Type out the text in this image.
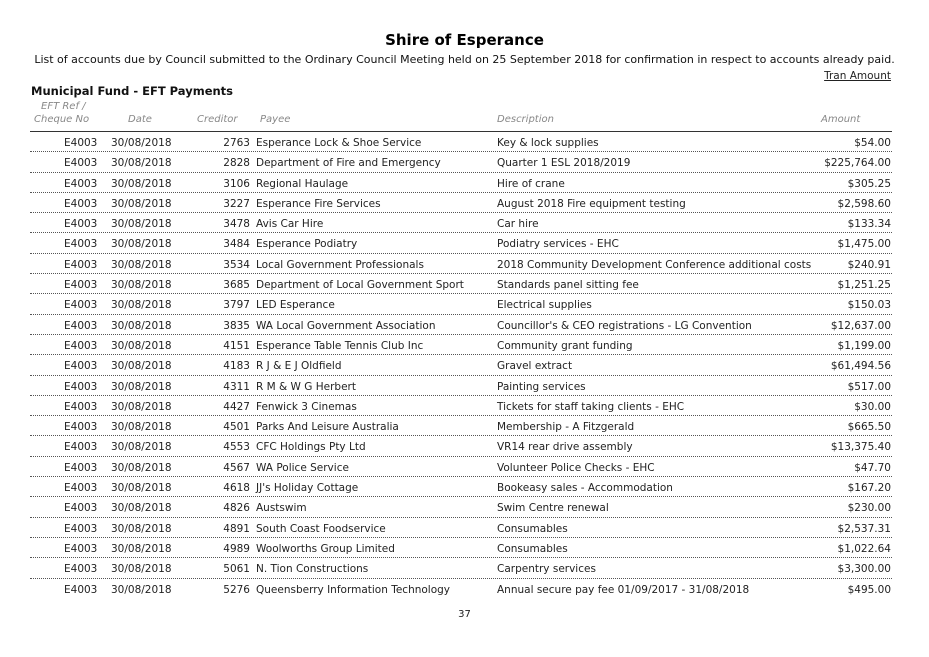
Shire of Esperance
List of accounts due by Council submitted to the Ordinary Council Meeting held on 25 September 2018 for confirmation in respect to accounts already paid.
Tran Amount
Municipal Fund - EFT Payments
EFT Ref /
Cheque No	Date	Creditor Payee	Description	Amount
E4003 30/08/2018	2763 Esperance Lock & Shoe Service	Key & lock supplies	$54.00
E4003 30/08/2018	2828 Department of Fire and Emergency	Quarter 1 ESL 2018/2019	$225,764.00
E4003 30/08/2018	3106 Regional Haulage	Hire of crane	$305.25
E4003 30/08/2018	3227 Esperance Fire Services	August 2018 Fire equipment testing	$2,598.60
E4003 30/08/2018	3478 Avis Car Hire	Car hire	$133.34
E4003 30/08/2018	3484 Esperance Podiatry	Podiatry services - EHC	$1,475.00
E4003 30/08/2018	3534 Local Government Professionals	2018 Community Development Conference additional costs	$240.91
E4003 30/08/2018	3685 Department of Local Government Sport	Standards panel sitting fee	$1,251.25
E4003 30/08/2018	3797 LED Esperance	Electrical supplies	$150.03
E4003 30/08/2018	3835 WA Local Government Association	Councillor's & CEO registrations - LG Convention	$12,637.00
E4003 30/08/2018	4151 Esperance Table Tennis Club Inc	Community grant funding	$1,199.00
E4003 30/08/2018	4183 R J & E J Oldfield	Gravel extract	$61,494.56
E4003 30/08/2018	4311 R M & W G Herbert	Painting services	$517.00
E4003 30/08/2018	4427 Fenwick 3 Cinemas	Tickets for staff taking clients - EHC	$30.00
E4003 30/08/2018	4501 Parks And Leisure Australia	Membership - A Fitzgerald	$665.50
E4003 30/08/2018	4553 CFC Holdings Pty Ltd	VR14 rear drive assembly	$13,375.40
E4003 30/08/2018	4567 WA Police Service	Volunteer Police Checks - EHC	$47.70
E4003 30/08/2018	4618 JJ's Holiday Cottage	Bookeasy sales - Accommodation	$167.20
E4003 30/08/2018	4826 Austswim	Swim Centre renewal	$230.00
E4003 30/08/2018	4891 South Coast Foodservice	Consumables	$2,537.31
E4003 30/08/2018	4989 Woolworths Group Limited	Consumables	$1,022.64
E4003 30/08/2018	5061 N. Tion Constructions	Carpentry services	$3,300.00
E4003 30/08/2018	5276 Queensberry Information Technology	Annual secure pay fee 01/09/2017 - 31/08/2018	$495.00
37
